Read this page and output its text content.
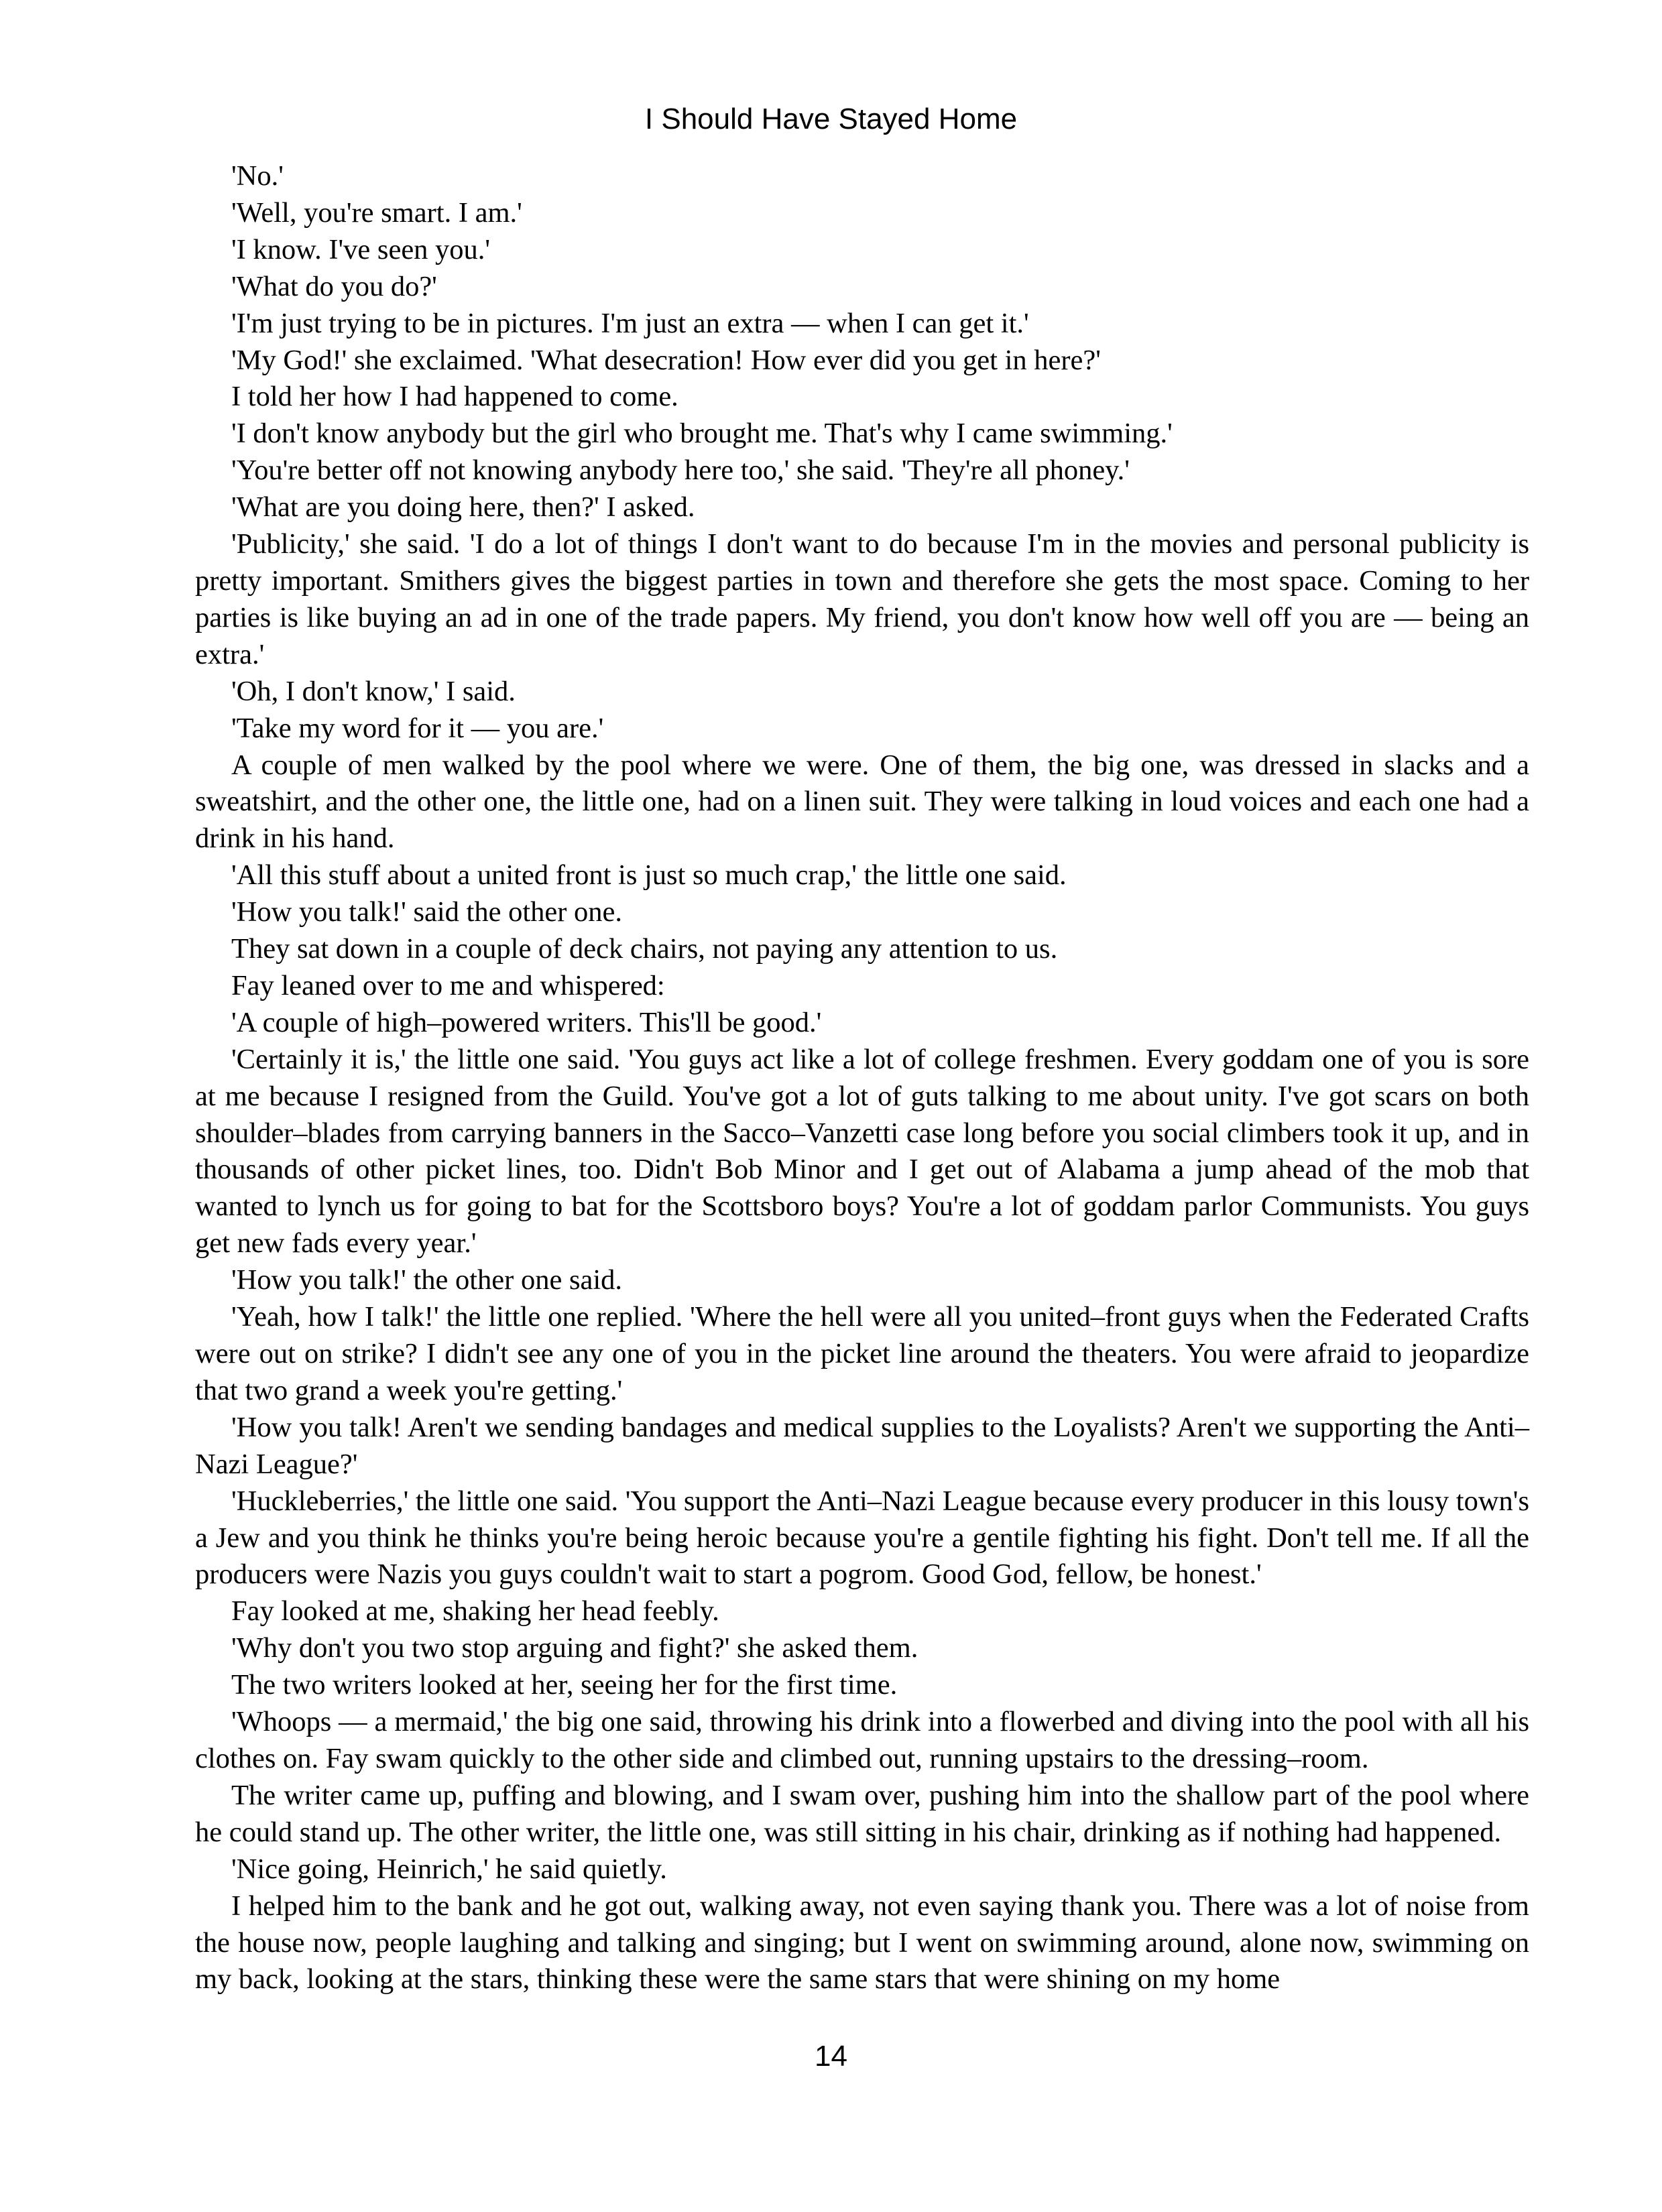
I Should Have Stayed Home

'No.'

'Well, you're smart. I am.'

'I know. I've seen you.'

'What do you do?'

'I'm just trying to be in pictures. I'm just an extra — when I can get it.'

'My God!' she exclaimed. 'What desecration! How ever did you get in here?'

I told her how I had happened to come.

'I don't know anybody but the girl who brought me. That's why I came swimming.'

'You're better off not knowing anybody here too,' she said. 'They're all phoney.'

'What are you doing here, then?' I asked.

'Publicity,' she said. 'I do a lot of things I don't want to do because I'm in the movies and personal publicity is pretty important. Smithers gives the biggest parties in town and therefore she gets the most space. Coming to her parties is like buying an ad in one of the trade papers. My friend, you don't know how well off you are — being an extra.'

'Oh, I don't know,' I said.

'Take my word for it — you are.'

A couple of men walked by the pool where we were. One of them, the big one, was dressed in slacks and a sweatshirt, and the other one, the little one, had on a linen suit. They were talking in loud voices and each one had a drink in his hand.

'All this stuff about a united front is just so much crap,' the little one said.

'How you talk!' said the other one.

They sat down in a couple of deck chairs, not paying any attention to us.

Fay leaned over to me and whispered:

'A couple of high–powered writers. This'll be good.'

'Certainly it is,' the little one said. 'You guys act like a lot of college freshmen. Every goddam one of you is sore at me because I resigned from the Guild. You've got a lot of guts talking to me about unity. I've got scars on both shoulder–blades from carrying banners in the Sacco–Vanzetti case long before you social climbers took it up, and in thousands of other picket lines, too. Didn't Bob Minor and I get out of Alabama a jump ahead of the mob that wanted to lynch us for going to bat for the Scottsboro boys? You're a lot of goddam parlor Communists. You guys get new fads every year.'

'How you talk!' the other one said.

'Yeah, how I talk!' the little one replied. 'Where the hell were all you united–front guys when the Federated Crafts were out on strike? I didn't see any one of you in the picket line around the theaters. You were afraid to jeopardize that two grand a week you're getting.'

'How you talk! Aren't we sending bandages and medical supplies to the Loyalists? Aren't we supporting the Anti–Nazi League?'

'Huckleberries,' the little one said. 'You support the Anti–Nazi League because every producer in this lousy town's a Jew and you think he thinks you're being heroic because you're a gentile fighting his fight. Don't tell me. If all the producers were Nazis you guys couldn't wait to start a pogrom. Good God, fellow, be honest.'

Fay looked at me, shaking her head feebly.

'Why don't you two stop arguing and fight?' she asked them.

The two writers looked at her, seeing her for the first time.

'Whoops — a mermaid,' the big one said, throwing his drink into a flowerbed and diving into the pool with all his clothes on. Fay swam quickly to the other side and climbed out, running upstairs to the dressing–room.

The writer came up, puffing and blowing, and I swam over, pushing him into the shallow part of the pool where he could stand up. The other writer, the little one, was still sitting in his chair, drinking as if nothing had happened.

'Nice going, Heinrich,' he said quietly.

I helped him to the bank and he got out, walking away, not even saying thank you. There was a lot of noise from the house now, people laughing and talking and singing; but I went on swimming around, alone now, swimming on my back, looking at the stars, thinking these were the same stars that were shining on my home

14
